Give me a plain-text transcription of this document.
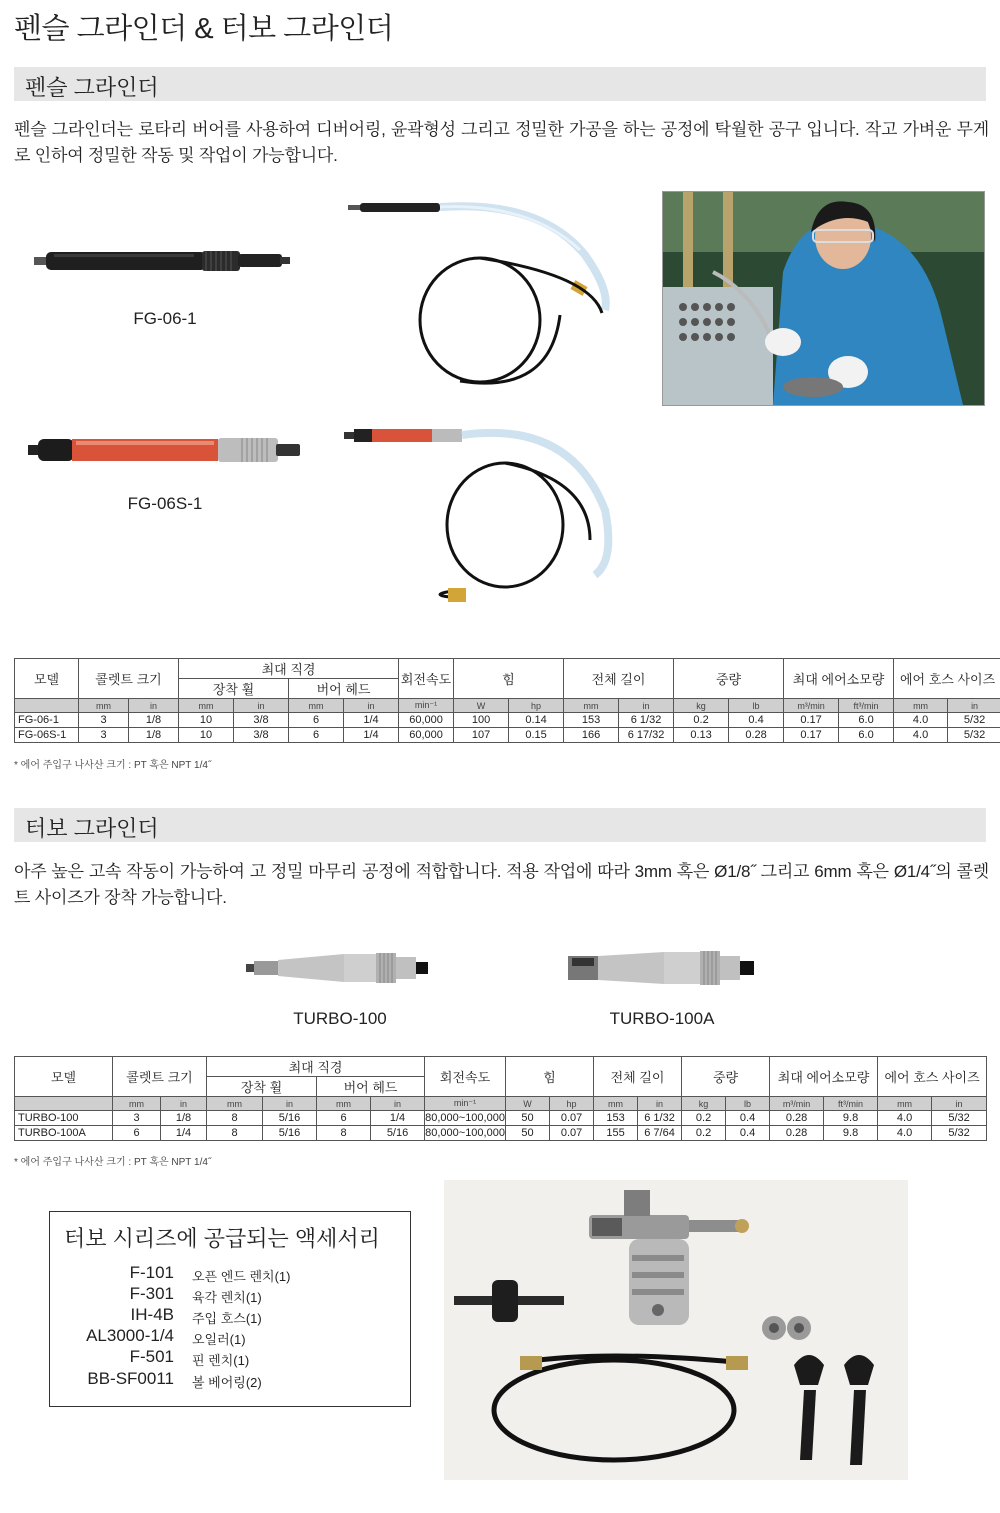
펜슬 그라인더 & 터보 그라인더
펜슬 그라인더
펜슬 그라인더는 로타리 버어를 사용하여 디버어링, 윤곽형성 그리고 정밀한 가공을 하는 공정에 탁월한 공구 입니다. 작고 가벼운 무게로 인하여 정밀한 작동 및 작업이 가능합니다.
FG-06-1
FG-06S-1
모델	콜렛트 크기		최대 직경				회전속도	힘		전체 길이		중량		최대 에어소모량		에어 호스 사이즈	
			장착 휠		버어 헤드												
	mm	in	mm	in	mm	in	min⁻¹	W	hp	mm	in	kg	lb	m³/min	ft³/min	mm	in
FG-06-1	3	1/8	10	3/8	6	1/4	60,000	100	0.14	153	6 1/32	0.2	0.4	0.17	6.0	4.0	5/32
FG-06S-1	3	1/8	10	3/8	6	1/4	60,000	107	0.15	166	6 17/32	0.13	0.28	0.17	6.0	4.0	5/32
* 에어 주입구 나사산 크기 : PT 혹은 NPT 1/4˝
터보 그라인더
아주 높은 고속 작동이 가능하여 고 정밀 마무리 공정에 적합합니다. 적용 작업에 따라 3mm 혹은 Ø1/8˝ 그리고 6mm 혹은 Ø1/4˝의 콜렛트 사이즈가 장착 가능합니다.
TURBO-100	TURBO-100A
모델	콜렛트 크기		최대 직경				회전속도	힘		전체 길이		중량		최대 에어소모량		에어 호스 사이즈	
			장착 휠		버어 헤드												
	mm	in	mm	in	mm	in	min⁻¹	W	hp	mm	in	kg	lb	m³/min	ft³/min	mm	in
TURBO-100	3	1/8	8	5/16	6	1/4	80,000~100,000	50	0.07	153	6 1/32	0.2	0.4	0.28	9.8	4.0	5/32
TURBO-100A	6	1/4	8	5/16	8	5/16	80,000~100,000	50	0.07	155	6 7/64	0.2	0.4	0.28	9.8	4.0	5/32
* 에어 주입구 나사산 크기 : PT 혹은 NPT 1/4˝
터보 시리즈에 공급되는 액세서리
F-101 오픈 엔드 렌치(1)
F-301 육각 렌치(1)
IH-4B 주입 호스(1)
AL3000-1/4 오일러(1)
F-501 핀 렌치(1)
BB-SF0011 볼 베어링(2)
